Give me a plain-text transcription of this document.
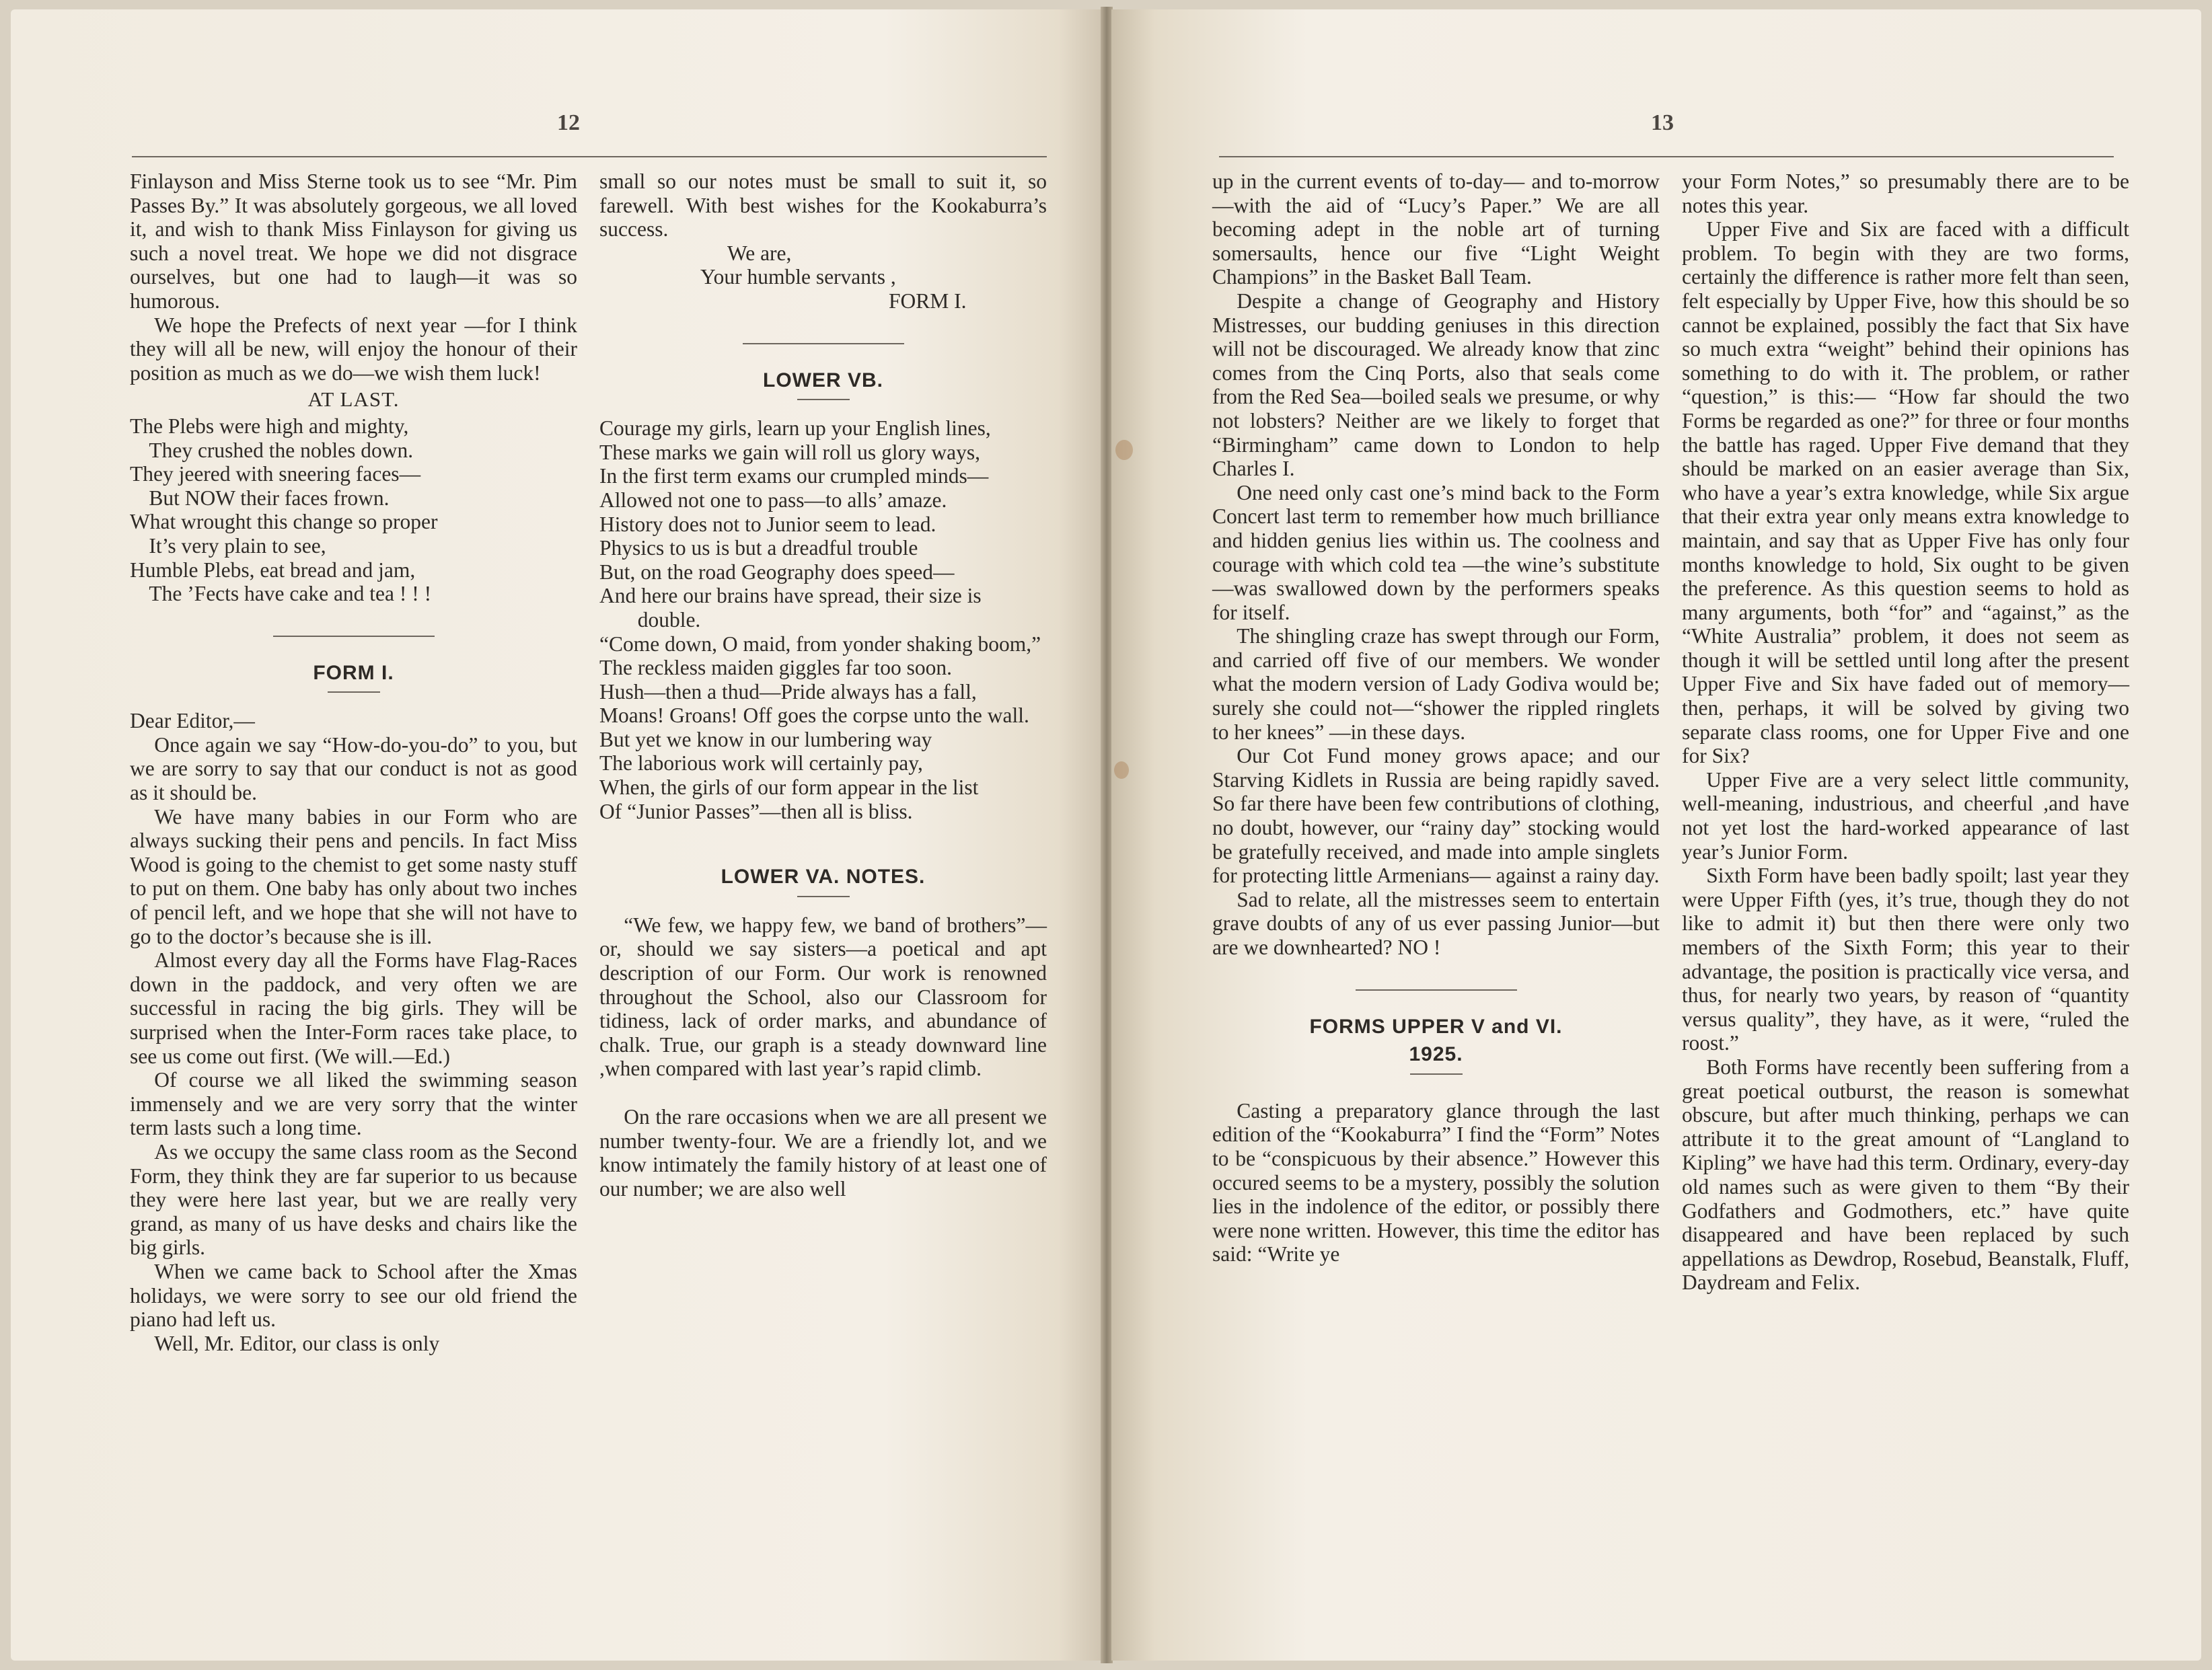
12

Finlayson and Miss Sterne took us to see “Mr. Pim Passes By.” It was absolutely gorgeous, we all loved it, and wish to thank Miss Finlayson for giving us such a novel treat. We hope we did not disgrace ourselves, but one had to laugh—it was so humorous.

We hope the Prefects of next year —for I think they will all be new, will enjoy the honour of their position as much as we do—we wish them luck!

AT LAST.

The Plebs were high and mighty,

They crushed the nobles down.

They jeered with sneering faces—

But NOW their faces frown.

What wrought this change so proper

It’s very plain to see,

Humble Plebs, eat bread and jam,

The ’Fects have cake and tea ! ! !

FORM I.

Dear Editor,—

Once again we say “How-do-you-do” to you, but we are sorry to say that our conduct is not as good as it should be.

We have many babies in our Form who are always sucking their pens and pencils. In fact Miss Wood is going to the chemist to get some nasty stuff to put on them. One baby has only about two inches of pencil left, and we hope that she will not have to go to the doctor’s because she is ill.

Almost every day all the Forms have Flag-Races down in the paddock, and very often we are successful in racing the big girls. They will be surprised when the Inter-Form races take place, to see us come out first. (We will.—Ed.)

Of course we all liked the swimming season immensely and we are very sorry that the winter term lasts such a long time.

As we occupy the same class room as the Second Form, they think they are far superior to us because they were here last year, but we are really very grand, as many of us have desks and chairs like the big girls.

When we came back to School after the Xmas holidays, we were sorry to see our old friend the piano had left us.

Well, Mr. Editor, our class is only

small so our notes must be small to suit it, so farewell. With best wishes for the Kookaburra’s success.

We are,

Your humble servants ,

FORM I.

LOWER VB.

Courage my girls, learn up your English lines,

These marks we gain will roll us glory ways,

In the first term exams our crumpled minds—

Allowed not one to pass—to alls’ amaze.

History does not to Junior seem to lead.

Physics to us is but a dreadful trouble

But, on the road Geography does speed—

And here our brains have spread, their size is double.

“Come down, O maid, from yonder shaking boom,”

The reckless maiden giggles far too soon.

Hush—then a thud—Pride always has a fall,

Moans! Groans! Off goes the corpse unto the wall.

But yet we know in our lumbering way

The laborious work will certainly pay,

When, the girls of our form appear in the list

Of “Junior Passes”—then all is bliss.

LOWER VA. NOTES.

“We few, we happy few, we band of brothers”—or, should we say sisters—a poetical and apt description of our Form. Our work is renowned throughout the School, also our Classroom for tidiness, lack of order marks, and abundance of chalk. True, our graph is a steady downward line ,when compared with last year’s rapid climb.

On the rare occasions when we are all present we number twenty-four. We are a friendly lot, and we know intimately the family history of at least one of our number; we are also well

13

up in the current events of to-day— and to-morrow—with the aid of “Lucy’s Paper.” We are all becoming adept in the noble art of turning somersaults, hence our five “Light Weight Champions” in the Basket Ball Team.

Despite a change of Geography and History Mistresses, our budding geniuses in this direction will not be discouraged. We already know that zinc comes from the Cinq Ports, also that seals come from the Red Sea—boiled seals we presume, or why not lobsters? Neither are we likely to forget that “Birmingham” came down to London to help Charles I.

One need only cast one’s mind back to the Form Concert last term to remember how much brilliance and hidden genius lies within us. The coolness and courage with which cold tea —the wine’s substitute—was swallowed down by the performers speaks for itself.

The shingling craze has swept through our Form, and carried off five of our members. We wonder what the modern version of Lady Godiva would be; surely she could not—“shower the rippled ringlets to her knees” —in these days.

Our Cot Fund money grows apace; and our Starving Kidlets in Russia are being rapidly saved. So far there have been few contributions of clothing, no doubt, however, our “rainy day” stocking would be gratefully received, and made into ample singlets for protecting little Armenians— against a rainy day.

Sad to relate, all the mistresses seem to entertain grave doubts of any of us ever passing Junior—but are we downhearted? NO !

FORMS UPPER V and VI.
1925.

Casting a preparatory glance through the last edition of the “Kookaburra” I find the “Form” Notes to be “conspicuous by their absence.” However this occured seems to be a mystery, possibly the solution lies in the indolence of the editor, or possibly there were none written. However, this time the editor has said: “Write ye

your Form Notes,” so presumably there are to be notes this year.

Upper Five and Six are faced with a difficult problem. To begin with they are two forms, certainly the difference is rather more felt than seen, felt especially by Upper Five, how this should be so cannot be explained, possibly the fact that Six have so much extra “weight” behind their opinions has something to do with it. The problem, or rather “question,” is this:— “How far should the two Forms be regarded as one?” for three or four months the battle has raged. Upper Five demand that they should be marked on an easier average than Six, who have a year’s extra knowledge, while Six argue that their extra year only means extra knowledge to maintain, and say that as Upper Five has only four months knowledge to hold, Six ought to be given the preference. As this question seems to hold as many arguments, both “for” and “against,” as the “White Australia” problem, it does not seem as though it will be settled until long after the present Upper Five and Six have faded out of memory— then, perhaps, it will be solved by giving two separate class rooms, one for Upper Five and one for Six?

Upper Five are a very select little community, well-meaning, industrious, and cheerful ,and have not yet lost the hard-worked appearance of last year’s Junior Form.

Sixth Form have been badly spoilt; last year they were Upper Fifth (yes, it’s true, though they do not like to admit it) but then there were only two members of the Sixth Form; this year to their advantage, the position is practically vice versa, and thus, for nearly two years, by reason of “quantity versus quality”, they have, as it were, “ruled the roost.”

Both Forms have recently been suffering from a great poetical outburst, the reason is somewhat obscure, but after much thinking, perhaps we can attribute it to the great amount of “Langland to Kipling” we have had this term. Ordinary, every-day old names such as were given to them “By their Godfathers and Godmothers, etc.” have quite disappeared and have been replaced by such appellations as Dewdrop, Rosebud, Beanstalk, Fluff, Daydream and Felix.
